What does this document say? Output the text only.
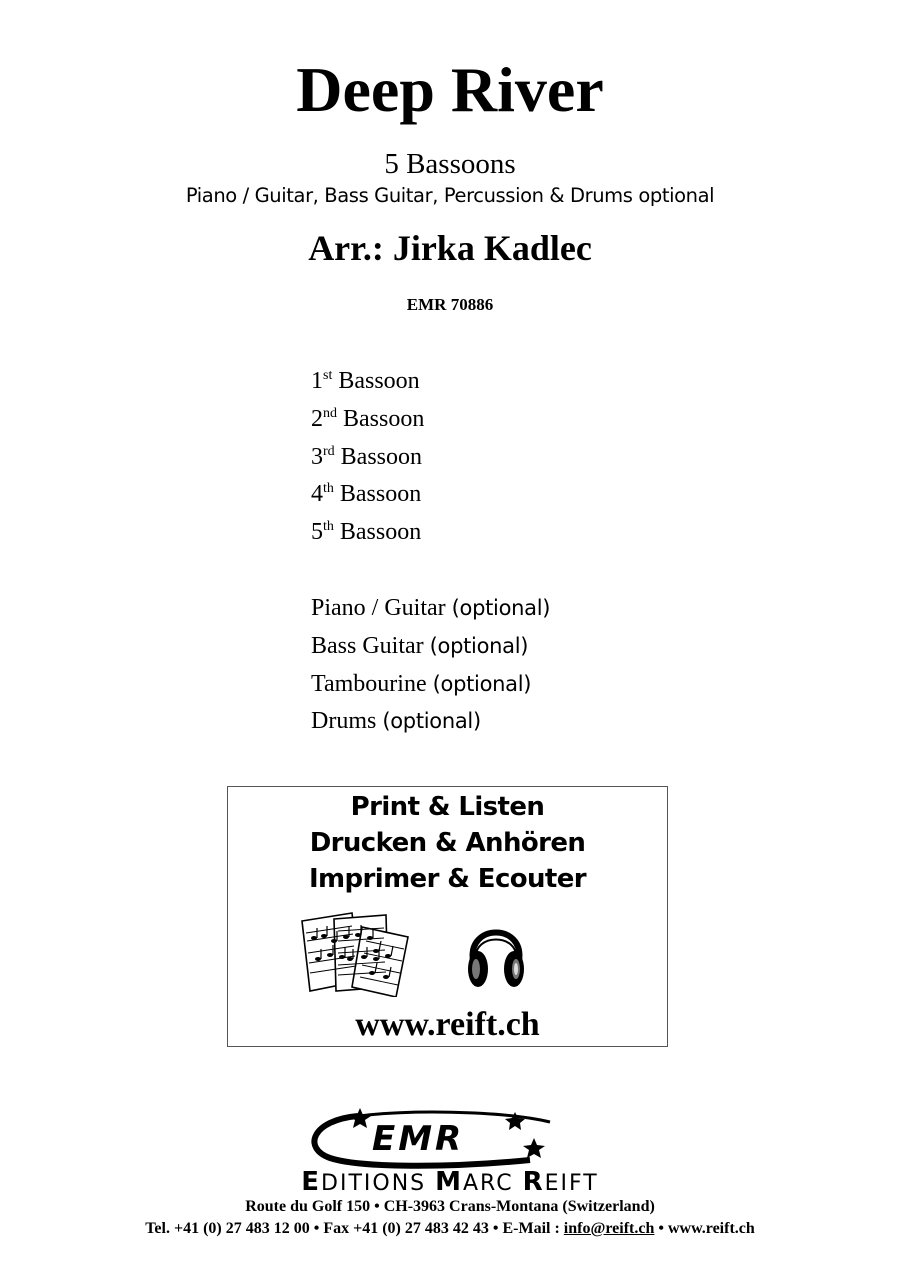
Deep River
5 Bassoons
Piano / Guitar, Bass Guitar, Percussion & Drums optional
Arr.: Jirka Kadlec
EMR 70886
1st Bassoon
2nd Bassoon
3rd Bassoon
4th Bassoon
5th Bassoon
Piano / Guitar (optional)
Bass Guitar (optional)
Tambourine (optional)
Drums (optional)
Print & Listen
Drucken & Anhören
Imprimer & Ecouter
www.reift.ch
EMR
EDITIONS MARC REIFT
Route du Golf 150 • CH-3963 Crans-Montana (Switzerland)
Tel. +41 (0) 27 483 12 00 • Fax +41 (0) 27 483 42 43 • E-Mail : info@reift.ch • www.reift.ch
